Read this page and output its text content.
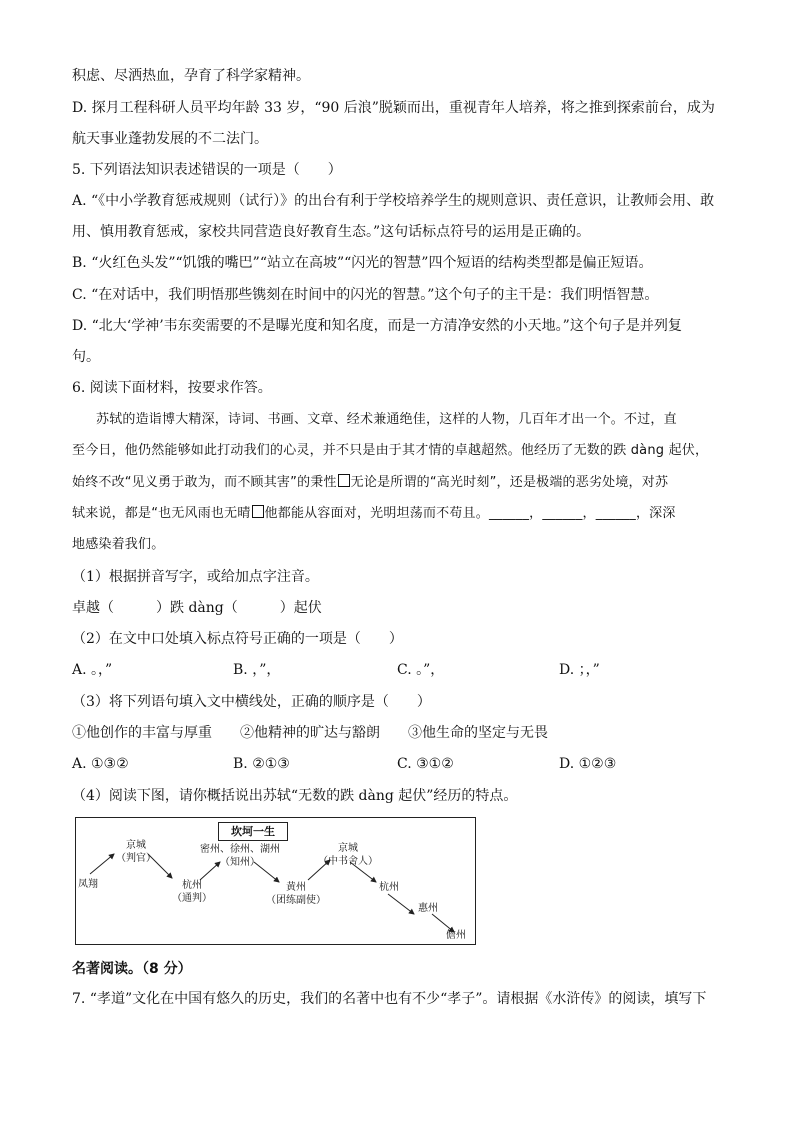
积虑、尽洒热血，孕育了科学家精神。
D. 探月工程科研人员平均年龄 33 岁，“90 后浪”脱颖而出，重视青年人培养，将之推到探索前台，成为
航天事业蓬勃发展的不二法门。
5. 下列语法知识表述错误的一项是（　　）
A. “《中小学教育惩戒规则（试行）》的出台有利于学校培养学生的规则意识、责任意识，让教师会用、敢
用、慎用教育惩戒，家校共同营造良好教育生态。”这句话标点符号的运用是正确的。
B. “火红色头发”“饥饿的嘴巴”“站立在高坡”“闪光的智慧”四个短语的结构类型都是偏正短语。
C. “在对话中，我们明悟那些镌刻在时间中的闪光的智慧。”这个句子的主干是：我们明悟智慧。
D. “北大‘学神’韦东奕需要的不是曝光度和知名度，而是一方清净安然的小天地。”这个句子是并列复
句。
6. 阅读下面材料，按要求作答。
苏轼的造诣博大精深，诗词、书画、文章、经术兼通绝佳，这样的人物，几百年才出一个。不过，直
至今日，他仍然能够如此打动我们的心灵，并不只是由于其才情的卓越超然。他经历了无数的跌 dàng 起伏，
始终不改“见义勇于敢为，而不顾其害”的秉性 无论是所谓的“高光时刻”，还是极端的恶劣处境，对苏
轼来说，都是“也无风雨也无晴 他都能从容面对，光明坦荡而不苟且。______，______，______，深深
地感染着我们。
（1）根据拼音写字，或给加点字注音。
卓越（　　　）跌 dàng（　　　）起伏
（2）在文中口处填入标点符号正确的一项是（　　）
A. 。，”	B. ，”，	C. 。”，	D. ；，”
（3）将下列语句填入文中横线处，正确的顺序是（　　）
①他创作的丰富与厚重　　②他精神的旷达与豁朗　　③他生命的坚定与无畏
A. ①③②	B. ②①③	C. ③①②	D. ①②③
（4）阅读下图，请你概括说出苏轼“无数的跌 dàng 起伏”经历的特点。
坎坷一生
凤翔
京城
（判官）
杭州
（通判）
密州、徐州、湖州
（知州）
黄州
（团练副使）
京城
（中书舍人）
杭州
惠州
儋州
名著阅读。（8 分）
7. “孝道”文化在中国有悠久的历史，我们的名著中也有不少“孝子”。请根据《水浒传》的阅读，填写下
